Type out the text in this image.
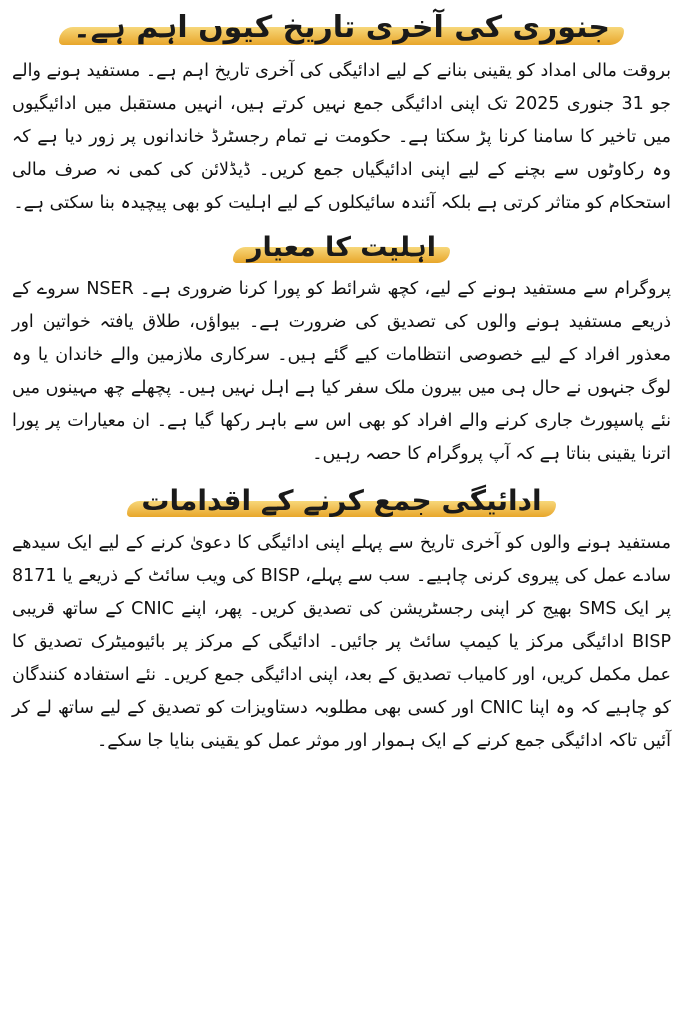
جنوری کی آخری تاریخ کیوں اہم ہے۔

بروقت مالی امداد کو یقینی بنانے کے لیے ادائیگی کی آخری تاریخ اہم ہے۔ مستفید ہونے والے جو 31 جنوری 2025 تک اپنی ادائیگی جمع نہیں کرتے ہیں، انہیں مستقبل میں ادائیگیوں میں تاخیر کا سامنا کرنا پڑ سکتا ہے۔ حکومت نے تمام رجسٹرڈ خاندانوں پر زور دیا ہے کہ وہ رکاوٹوں سے بچنے کے لیے اپنی ادائیگیاں جمع کریں۔ ڈیڈلائن کی کمی نہ صرف مالی استحکام کو متاثر کرتی ہے بلکہ آئندہ سائیکلوں کے لیے اہلیت کو بھی پیچیدہ بنا سکتی ہے۔

اہلیت کا معیار

پروگرام سے مستفید ہونے کے لیے، کچھ شرائط کو پورا کرنا ضروری ہے۔ NSER سروے کے ذریعے مستفید ہونے والوں کی تصدیق کی ضرورت ہے۔ بیواؤں، طلاق یافتہ خواتین اور معذور افراد کے لیے خصوصی انتظامات کیے گئے ہیں۔ سرکاری ملازمین والے خاندان یا وہ لوگ جنہوں نے حال ہی میں بیرون ملک سفر کیا ہے اہل نہیں ہیں۔ پچھلے چھ مہینوں میں نئے پاسپورٹ جاری کرنے والے افراد کو بھی اس سے باہر رکھا گیا ہے۔ ان معیارات پر پورا اترنا یقینی بناتا ہے کہ آپ پروگرام کا حصہ رہیں۔

ادائیگی جمع کرنے کے اقدامات

مستفید ہونے والوں کو آخری تاریخ سے پہلے اپنی ادائیگی کا دعویٰ کرنے کے لیے ایک سیدھے سادے عمل کی پیروی کرنی چاہیے۔ سب سے پہلے، BISP کی ویب سائٹ کے ذریعے یا 8171 پر ایک SMS بھیج کر اپنی رجسٹریشن کی تصدیق کریں۔ پھر، اپنے CNIC کے ساتھ قریبی BISP ادائیگی مرکز یا کیمپ سائٹ پر جائیں۔ ادائیگی کے مرکز پر بائیومیٹرک تصدیق کا عمل مکمل کریں، اور کامیاب تصدیق کے بعد، اپنی ادائیگی جمع کریں۔ نئے استفادہ کنندگان کو چاہیے کہ وہ اپنا CNIC اور کسی بھی مطلوبہ دستاویزات کو تصدیق کے لیے ساتھ لے کر آئیں تاکہ ادائیگی جمع کرنے کے ایک ہموار اور موثر عمل کو یقینی بنایا جا سکے۔
